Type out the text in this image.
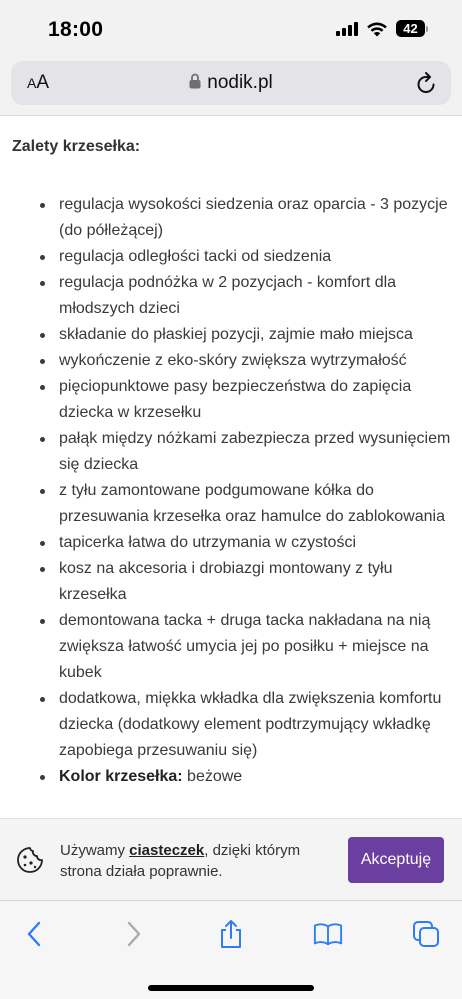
18:00	42
AA	nodik.pl
Zalety krzesełka:
regulacja wysokości siedzenia oraz oparcia - 3 pozycje (do półleżącej)
regulacja odległości tacki od siedzenia
regulacja podnóżka w 2 pozycjach - komfort dla młodszych dzieci
składanie do płaskiej pozycji, zajmie mało miejsca
wykończenie z eko-skóry zwiększa wytrzymałość
pięciopunktowe pasy bezpieczeństwa do zapięcia dziecka w krzesełku
pałąk między nóżkami zabezpiecza przed wysunięciem się dziecka
z tyłu zamontowane podgumowane kółka do przesuwania krzesełka oraz hamulce do zablokowania
tapicerka łatwa do utrzymania w czystości
kosz na akcesoria i drobiazgi montowany z tyłu krzesełka
demontowana tacka + druga tacka nakładana na nią zwiększa łatwość umycia jej po posiłku + miejsce na kubek
dodatkowa, miękka wkładka dla zwiększenia komfortu dziecka (dodatkowy element podtrzymujący wkładkę zapobiega przesuwaniu się)
Kolor krzesełka: beżowe
Używamy ciasteczek, dzięki którym strona działa poprawnie.
Akceptuję
